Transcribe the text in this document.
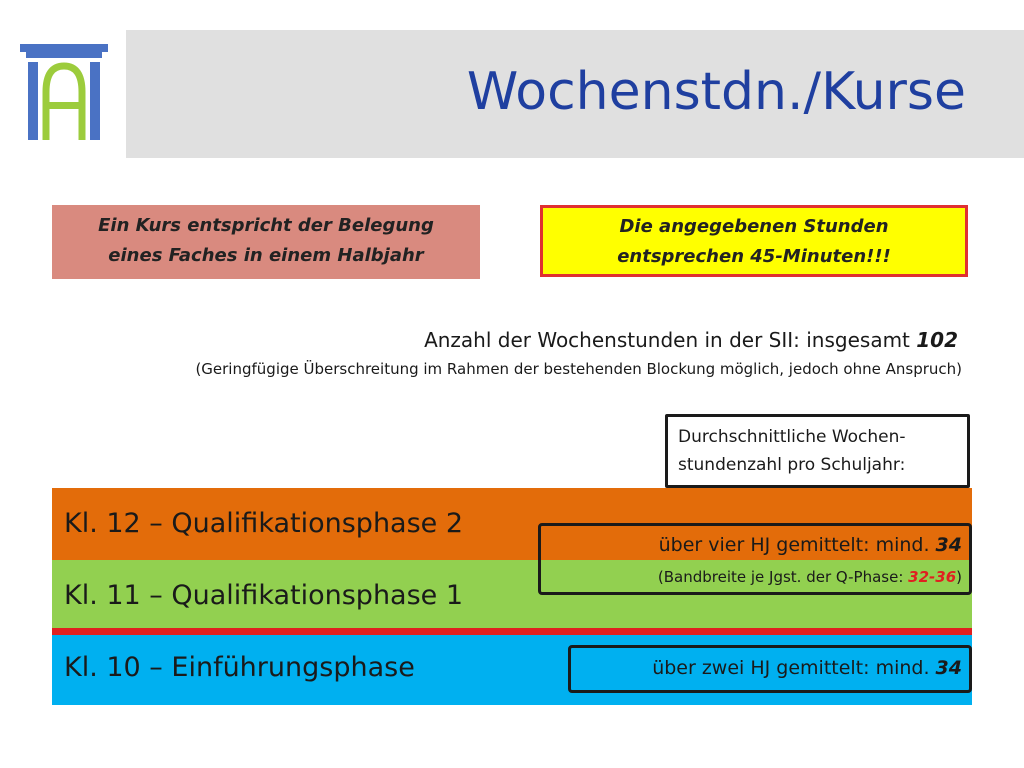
Wochenstdn./Kurse
Ein Kurs entspricht der Belegung
eines Faches in einem Halbjahr
Die angegebenen Stunden
entsprechen 45-Minuten!!!
Anzahl der Wochenstunden in der SII: insgesamt 102
(Geringfügige Überschreitung im Rahmen der bestehenden Blockung möglich, jedoch ohne Anspruch)
Durchschnittliche Wochen-
stundenzahl pro Schuljahr:
Kl. 12 – Qualifikationsphase 2
Kl. 11 – Qualifikationsphase 1
Kl. 10 – Einführungsphase
über vier HJ gemittelt: mind. 34
(Bandbreite je Jgst. der Q-Phase: 32-36)
über zwei HJ gemittelt: mind. 34
